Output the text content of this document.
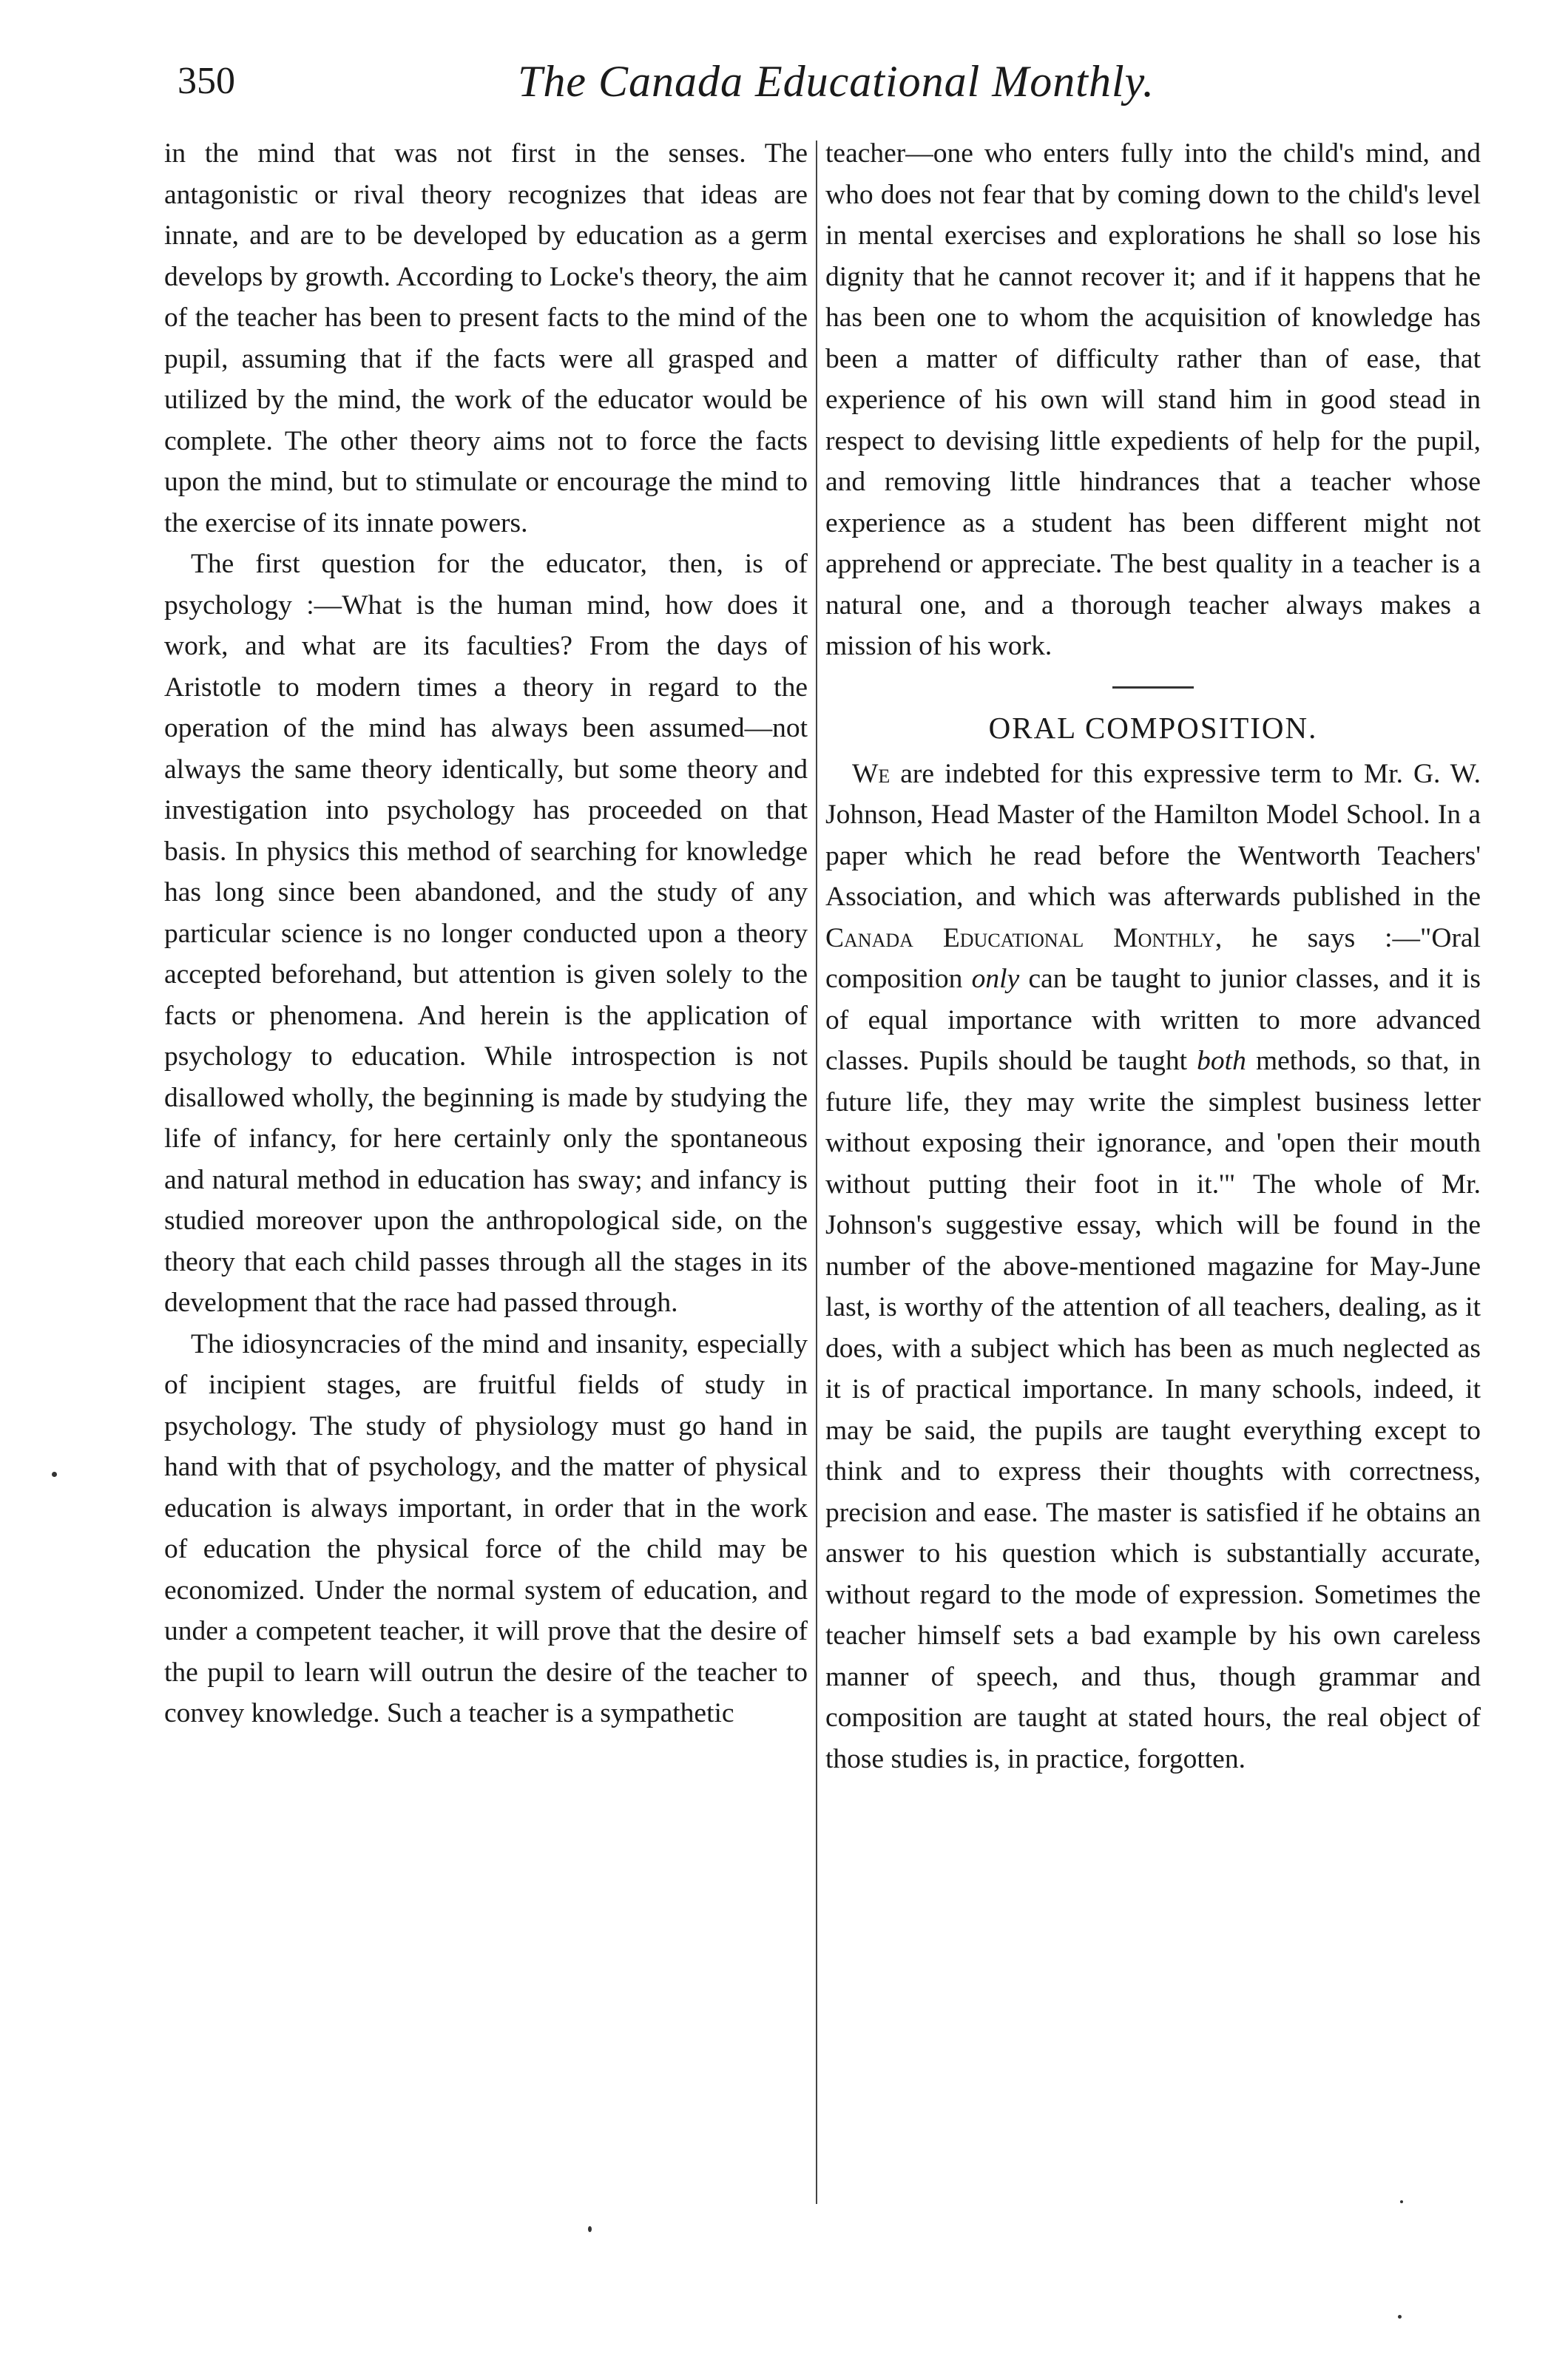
350	The Canada Educational Monthly.

in the mind that was not first in the senses. The antagonistic or rival theory recognizes that ideas are innate, and are to be developed by education as a germ develops by growth. According to Locke's theory, the aim of the teacher has been to present facts to the mind of the pupil, assuming that if the facts were all grasped and utilized by the mind, the work of the educator would be complete. The other theory aims not to force the facts upon the mind, but to stimulate or encourage the mind to the exercise of its innate powers.

The first question for the educator, then, is of psychology :—What is the human mind, how does it work, and what are its faculties? From the days of Aristotle to modern times a theory in regard to the operation of the mind has always been assumed—not always the same theory identically, but some theory and investigation into psychology has proceeded on that basis. In physics this method of searching for knowledge has long since been abandoned, and the study of any particular science is no longer conducted upon a theory accepted beforehand, but attention is given solely to the facts or phenomena. And herein is the application of psychology to education. While introspection is not disallowed wholly, the beginning is made by studying the life of infancy, for here certainly only the spontaneous and natural method in education has sway; and infancy is studied moreover upon the anthropological side, on the theory that each child passes through all the stages in its development that the race had passed through.

The idiosyncracies of the mind and insanity, especially of incipient stages, are fruitful fields of study in psychology. The study of physiology must go hand in hand with that of psychology, and the matter of physical education is always important, in order that in the work of education the physical force of the child may be economized. Under the normal system of education, and under a competent teacher, it will prove that the desire of the pupil to learn will outrun the desire of the teacher to convey knowledge. Such a teacher is a sympathetic

teacher—one who enters fully into the child's mind, and who does not fear that by coming down to the child's level in mental exercises and explorations he shall so lose his dignity that he cannot recover it; and if it happens that he has been one to whom the acquisition of knowledge has been a matter of difficulty rather than of ease, that experience of his own will stand him in good stead in respect to devising little expedients of help for the pupil, and removing little hindrances that a teacher whose experience as a student has been different might not apprehend or appreciate. The best quality in a teacher is a natural one, and a thorough teacher always makes a mission of his work.

ORAL COMPOSITION.

We are indebted for this expressive term to Mr. G. W. Johnson, Head Master of the Hamilton Model School. In a paper which he read before the Wentworth Teachers' Association, and which was afterwards published in the Canada Educational Monthly, he says :—"Oral composition only can be taught to junior classes, and it is of equal importance with written to more advanced classes. Pupils should be taught both methods, so that, in future life, they may write the simplest business letter without exposing their ignorance, and 'open their mouth without putting their foot in it.'" The whole of Mr. Johnson's suggestive essay, which will be found in the number of the above-mentioned magazine for May-June last, is worthy of the attention of all teachers, dealing, as it does, with a subject which has been as much neglected as it is of practical importance. In many schools, indeed, it may be said, the pupils are taught everything except to think and to express their thoughts with correctness, precision and ease. The master is satisfied if he obtains an answer to his question which is substantially accurate, without regard to the mode of expression. Sometimes the teacher himself sets a bad example by his own careless manner of speech, and thus, though grammar and composition are taught at stated hours, the real object of those studies is, in practice, forgotten.
